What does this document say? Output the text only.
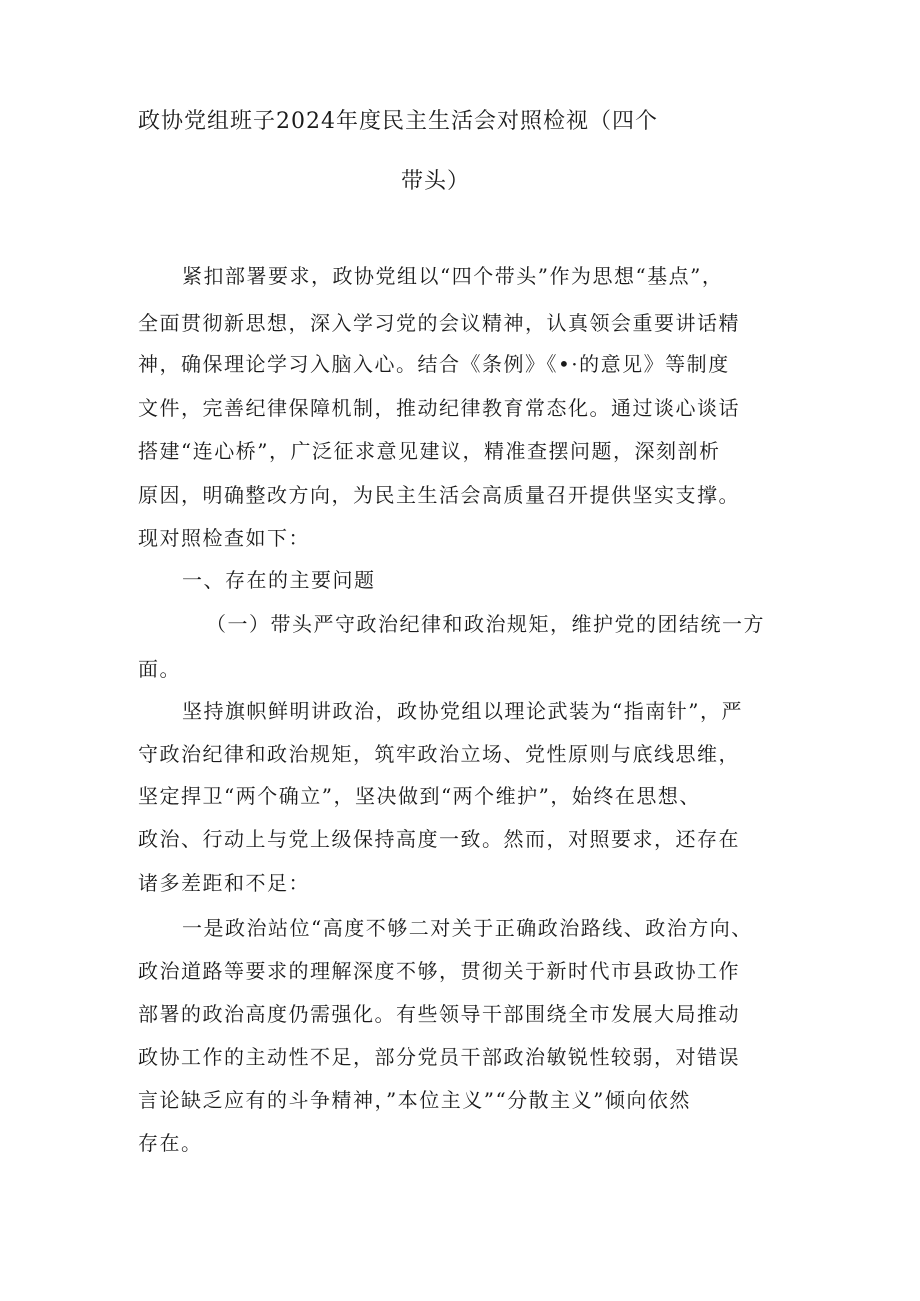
政协党组班子2024年度民主生活会对照检视（四个
带头）
紧扣部署要求，政协党组以“四个带头”作为思想“基点”，
全面贯彻新思想，深入学习党的会议精神，认真领会重要讲话精
神，确保理论学习入脑入心。结合《条例》《•·的意见》等制度
文件，完善纪律保障机制，推动纪律教育常态化。通过谈心谈话
搭建“连心桥”，广泛征求意见建议，精准查摆问题，深刻剖析
原因，明确整改方向，为民主生活会高质量召开提供坚实支撑。
现对照检查如下：
一、存在的主要问题
（一）带头严守政治纪律和政治规矩，维护党的团结统一方
面。
坚持旗帜鲜明讲政治，政协党组以理论武装为“指南针”，严
守政治纪律和政治规矩，筑牢政治立场、党性原则与底线思维，
坚定捍卫“两个确立”，坚决做到“两个维护”，始终在思想、
政治、行动上与党上级保持高度一致。然而，对照要求，还存在
诸多差距和不足：
一是政治站位“高度不够二对关于正确政治路线、政治方向、
政治道路等要求的理解深度不够，贯彻关于新时代市县政协工作
部署的政治高度仍需强化。有些领导干部围绕全市发展大局推动
政协工作的主动性不足，部分党员干部政治敏锐性较弱，对错误
言论缺乏应有的斗争精神，”本位主义”“分散主义”倾向依然
存在。
